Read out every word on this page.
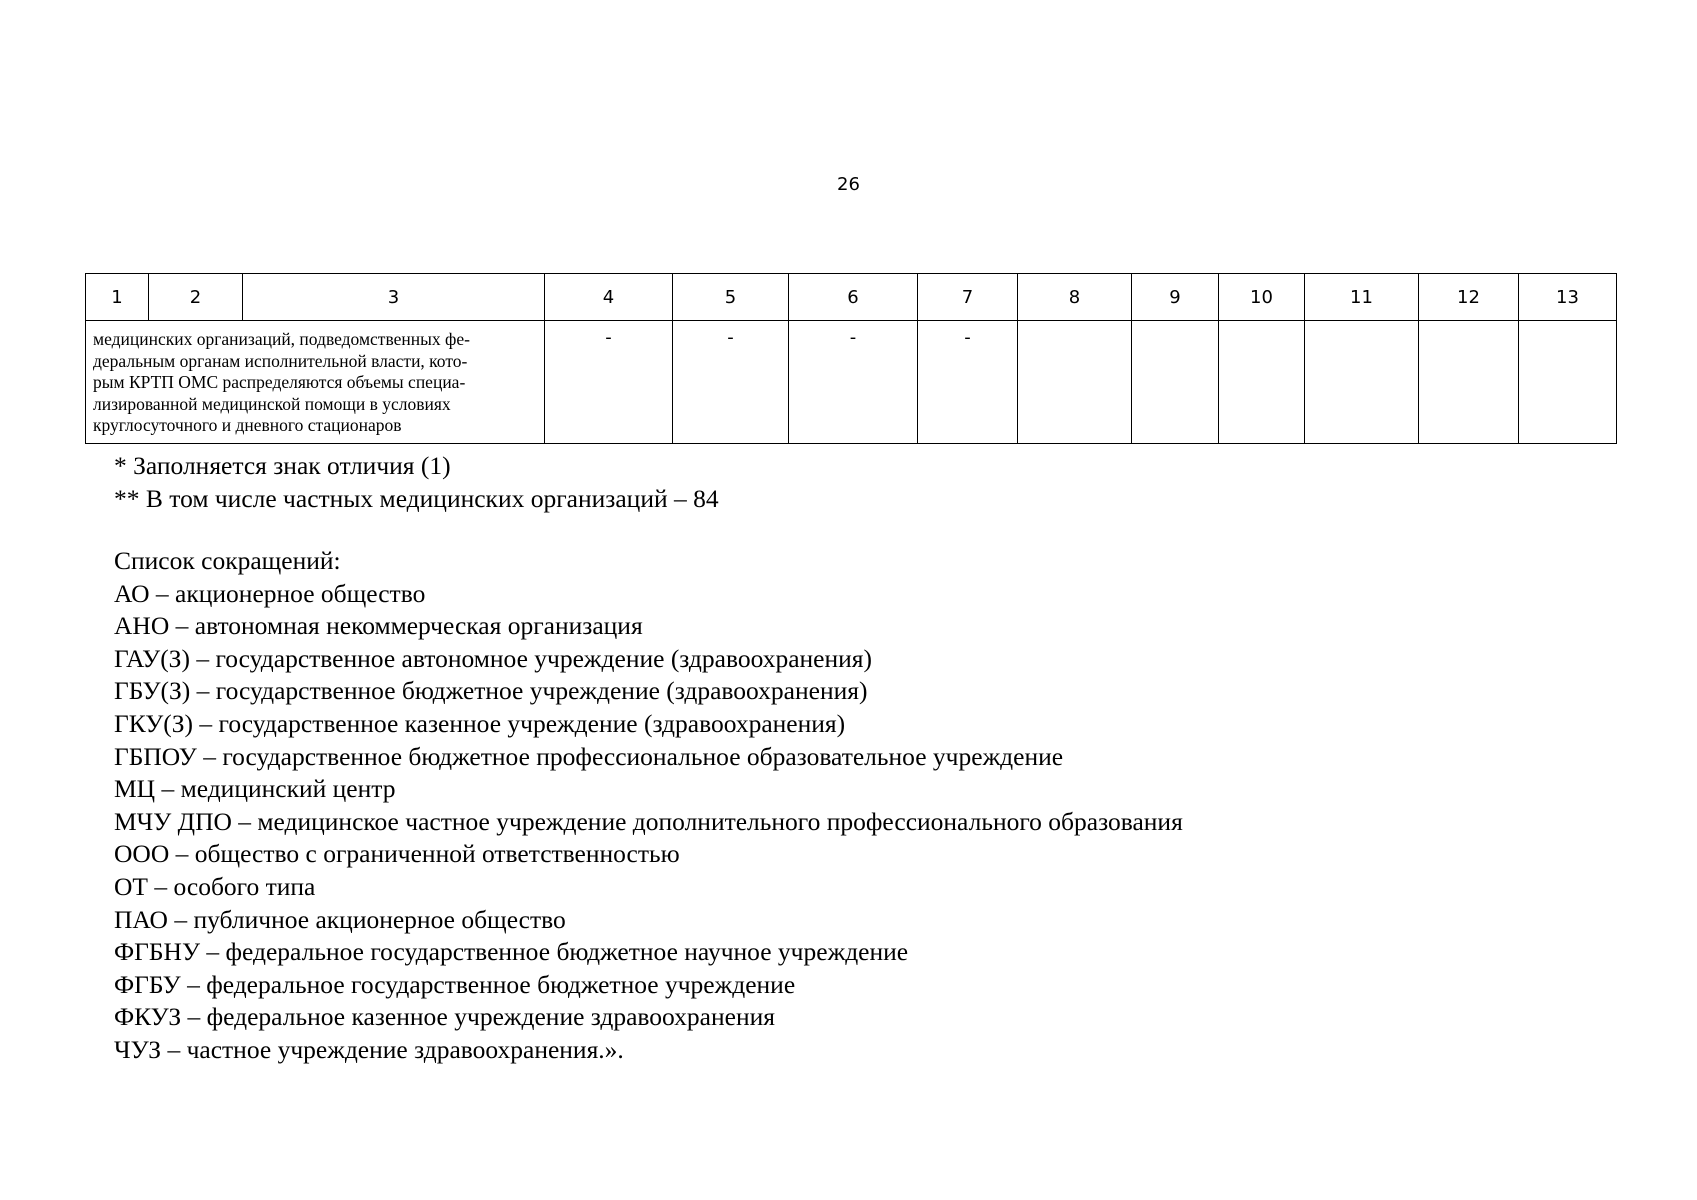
26
1	2	3	4	5	6	7	8	9	10	11	12	13

медицинских организаций, подведомственных фе-
деральным органам исполнительной власти, кото-
рым КРТП ОМС распределяются объемы специа-
лизированной медицинской помощи в условиях
круглосуточного и дневного стационаров			-	-	-	-						
* Заполняется знак отличия (1)
** В том числе частных медицинских организаций – 84
Список сокращений:
АО – акционерное общество
АНО – автономная некоммерческая организация
ГАУ(З) – государственное автономное учреждение (здравоохранения)
ГБУ(З) – государственное бюджетное учреждение (здравоохранения)
ГКУ(З) – государственное казенное учреждение (здравоохранения)
ГБПОУ – государственное бюджетное профессиональное образовательное учреждение
МЦ – медицинский центр
МЧУ ДПО – медицинское частное учреждение дополнительного профессионального образования
ООО – общество с ограниченной ответственностью
ОТ – особого типа
ПАО – публичное акционерное общество
ФГБНУ – федеральное государственное бюджетное научное учреждение
ФГБУ – федеральное государственное бюджетное учреждение
ФКУЗ – федеральное казенное учреждение здравоохранения
ЧУЗ – частное учреждение здравоохранения.».
